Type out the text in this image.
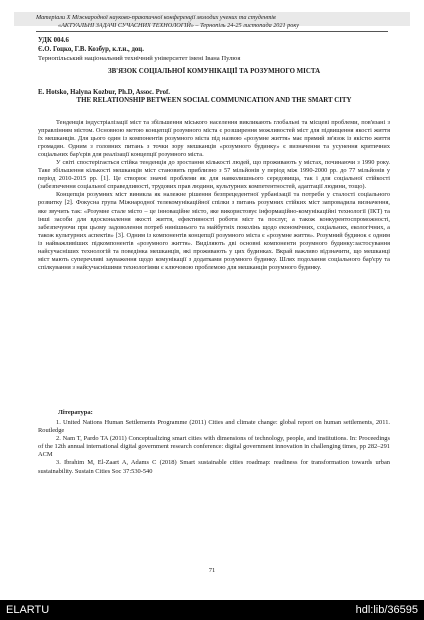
Матеріали Х Міжнародної науково-практичної конференції молодих учених та студентів
«АКТУАЛЬНІ ЗАДАЧІ СУЧАСНИХ ТЕХНОЛОГІЙ» – Тернопіль 24-25 листопада 2021 року
УДК 004.6
Є.О. Гоцко, Г.В. Козбур, к.т.н., доц.
Тернопільський національний технічний університет імені Івана Пулюя
ЗВ'ЯЗОК СОЦІАЛЬНОЇ КОМУНІКАЦІЇ ТА РОЗУМНОГО МІСТА
E. Hotsko, Halyna Kozbur, Ph.D, Assoc. Prof.
THE RELATIONSHIP BETWEEN SOCIAL COMMUNICATION AND THE SMART CITY

Тенденція індустріалізації міст та збільшення міського населення викликають глобальні та місцеві проблеми, пов'язані з управлінням містом. Основною метою концепції розумного міста є розширення можливостей міст для підвищення якості життя їх мешканців. Для цього один із компонентів розумного міста під назвою «розумне життя» має прямий зв'язок із якістю життя громадян. Одним з головних питань з точки зору мешканців «розумного будинку» є визначення та усунення критичних соціальних бар'єрів для реалізації концепції розумного міста.

У світі спостерігається стійка тенденція до зростання кількості людей, що проживають у містах, починаючи з 1990 року. Таке збільшення кількості мешканців міст становить приблизно з 57 мільйонів у період між 1990-2000 рр. до 77 мільйонів у період 2010-2015 рр. [1]. Це створює значні проблеми як для навколишнього середовища, так і для соціальної стійкості (забезпечення соціальної справедливості, трудових прав людини, культурних компетентностей, адаптації людини, тощо).

Концепція розумних міст виникла як належне рішення безпрецедентної урбанізації та потреби у сталості соціального розвитку [2]. Фокусна група Міжнародної телекомунікаційної спілки з питань розумних стійких міст запровадила визначення, яке звучить так: «Розумне стале місто – це інноваційне місто, яке використовує інформаційно-комунікаційні технології (ІКТ) та інші засоби для вдосконалення якості життя, ефективності роботи міст та послуг, а також конкурентоспроможності, забезпечуючи при цьому задоволення потреб нинішнього та майбутніх поколінь щодо економічних, соціальних, екологічних, а також культурних аспектів» [3]. Одним із компонентів концепції розумного міста є «розумне життя». Розумний будинок є одним із найважливіших підкомпонентів «розумного життя». Виділяють дві основні компоненти розумного будинку:застосування найсучасніших технологій та поведінка мешканців, які проживають у цих будинках. Вкрай важливо відзначити, що мешканці міст мають суперечливі зауваження щодо комунікації з додатками розумного будинку. Шлях подолання соціального бар'єру та спілкування з найсучаснішими технологіями є ключовою проблемою для мешканців розумного будинку.

Література:

1. United Nations Human Settlements Programme (2011) Cities and climate change: global report on human settlements, 2011. Routledge

2. Nam T, Pardo TA (2011) Conceptualizing smart cities with dimensions of technology, people, and institutions. In: Proceedings of the 12th annual international digital government research conference: digital government innovation in challenging times, pp 282–291 ACM

3. Ibrahim M, El-Zaart A, Adams C (2018) Smart sustainable cities roadmap: readiness for transformation towards urban sustainability. Sustain Cities Soc 37:530-540

71
ELARTU	hdl:lib/36595
